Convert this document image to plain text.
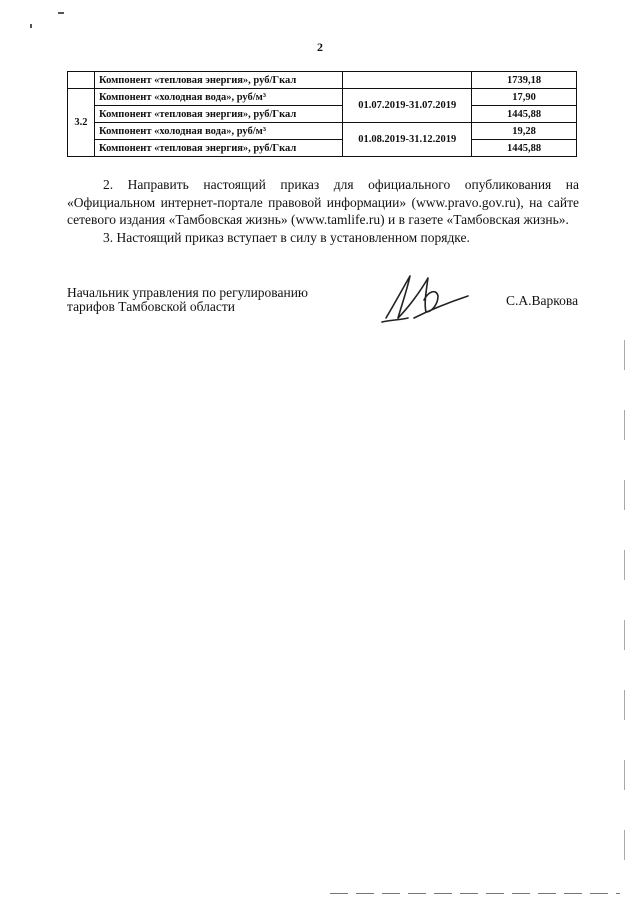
2
	Компонент «тепловая энергия», руб/Гкал		1739,18
3.2	Компонент «холодная вода», руб/м³	01.07.2019-31.07.2019	17,90
	Компонент «тепловая энергия», руб/Гкал		1445,88
	Компонент «холодная вода», руб/м³	01.08.2019-31.12.2019	19,28
	Компонент «тепловая энергия», руб/Гкал		1445,88

2. Направить настоящий приказ для официального опубликования на «Официальном интернет-портале правовой информации» (www.pravo.gov.ru), на сайте сетевого издания «Тамбовская жизнь» (www.tamlife.ru) и в газете «Тамбовская жизнь».

3. Настоящий приказ вступает в силу в установленном порядке.

Начальник управления по регулированию
тарифов Тамбовской области	С.А.Варкова
